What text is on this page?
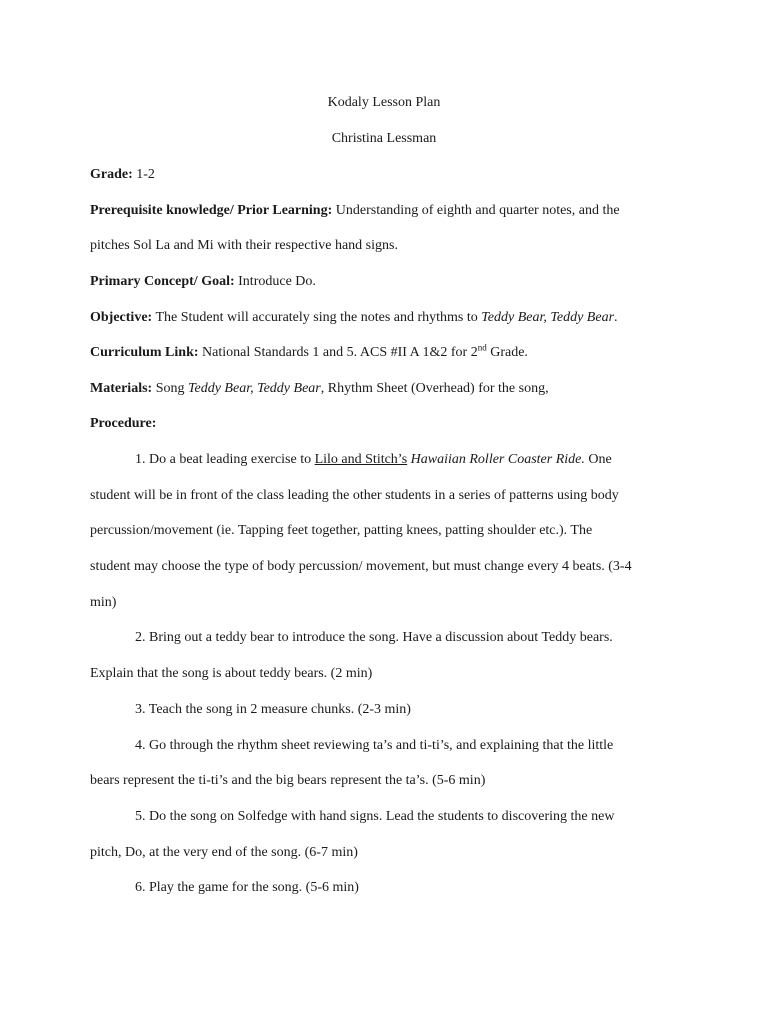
Kodaly Lesson Plan
Christina Lessman
Grade: 1-2
Prerequisite knowledge/ Prior Learning: Understanding of eighth and quarter notes, and the
pitches Sol La and Mi with their respective hand signs.
Primary Concept/ Goal: Introduce Do.
Objective: The Student will accurately sing the notes and rhythms to Teddy Bear, Teddy Bear.
Curriculum Link: National Standards 1 and 5. ACS #II A 1&2 for 2nd Grade.
Materials: Song Teddy Bear, Teddy Bear, Rhythm Sheet (Overhead) for the song,
Procedure:
1. Do a beat leading exercise to Lilo and Stitch’s Hawaiian Roller Coaster Ride. One
student will be in front of the class leading the other students in a series of patterns using body
percussion/movement (ie. Tapping feet together, patting knees, patting shoulder etc.). The
student may choose the type of body percussion/ movement, but must change every 4 beats. (3-4
min)
2. Bring out a teddy bear to introduce the song. Have a discussion about Teddy bears.
Explain that the song is about teddy bears. (2 min)
3. Teach the song in 2 measure chunks. (2-3 min)
4. Go through the rhythm sheet reviewing ta’s and ti-ti’s, and explaining that the little
bears represent the ti-ti’s and the big bears represent the ta’s. (5-6 min)
5. Do the song on Solfedge with hand signs. Lead the students to discovering the new
pitch, Do, at the very end of the song. (6-7 min)
6. Play the game for the song. (5-6 min)
